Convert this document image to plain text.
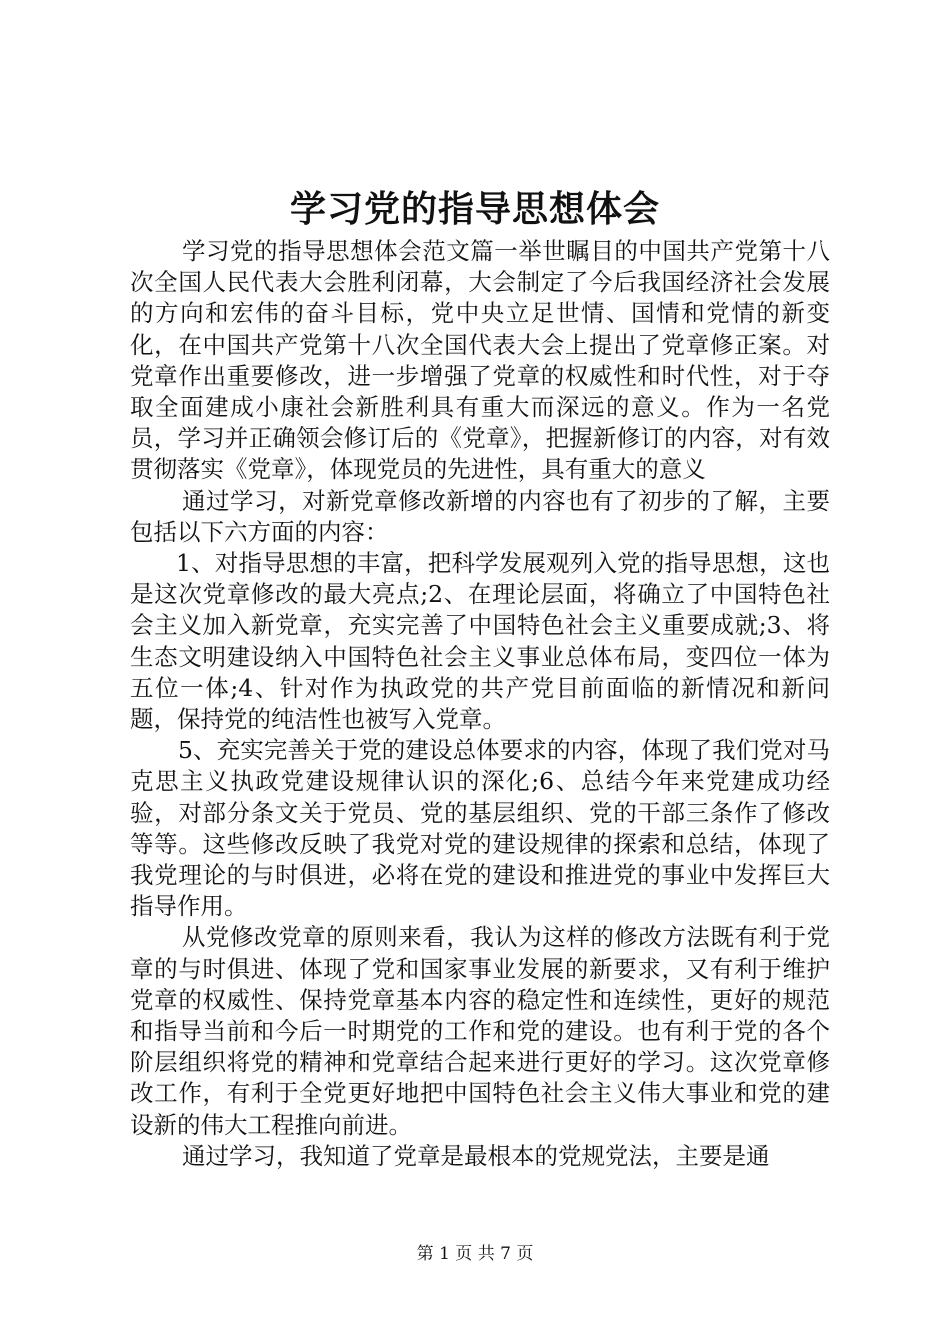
学习党的指导思想体会

学习党的指导思想体会范文篇一举世瞩目的中国共产党第十八次全国人民代表大会胜利闭幕，大会制定了今后我国经济社会发展的方向和宏伟的奋斗目标，党中央立足世情、国情和党情的新变化，在中国共产党第十八次全国代表大会上提出了党章修正案。对党章作出重要修改，进一步增强了党章的权威性和时代性，对于夺取全面建成小康社会新胜利具有重大而深远的意义。作为一名党员，学习并正确领会修订后的《党章》，把握新修订的内容，对有效贯彻落实《党章》，体现党员的先进性，具有重大的意义

通过学习，对新党章修改新增的内容也有了初步的了解，主要包括以下六方面的内容：

1、对指导思想的丰富，把科学发展观列入党的指导思想，这也是这次党章修改的最大亮点;2、在理论层面，将确立了中国特色社会主义加入新党章，充实完善了中国特色社会主义重要成就;3、将生态文明建设纳入中国特色社会主义事业总体布局，变四位一体为五位一体;4、针对作为执政党的共产党目前面临的新情况和新问题，保持党的纯洁性也被写入党章。

5、充实完善关于党的建设总体要求的内容，体现了我们党对马克思主义执政党建设规律认识的深化;6、总结今年来党建成功经验，对部分条文关于党员、党的基层组织、党的干部三条作了修改等等。这些修改反映了我党对党的建设规律的探索和总结，体现了我党理论的与时俱进，必将在党的建设和推进党的事业中发挥巨大指导作用。

从党修改党章的原则来看，我认为这样的修改方法既有利于党章的与时俱进、体现了党和国家事业发展的新要求，又有利于维护党章的权威性、保持党章基本内容的稳定性和连续性，更好的规范和指导当前和今后一时期党的工作和党的建设。也有利于党的各个阶层组织将党的精神和党章结合起来进行更好的学习。这次党章修改工作，有利于全党更好地把中国特色社会主义伟大事业和党的建设新的伟大工程推向前进。

通过学习，我知道了党章是最根本的党规党法，主要是通

第 1 页 共 7 页
